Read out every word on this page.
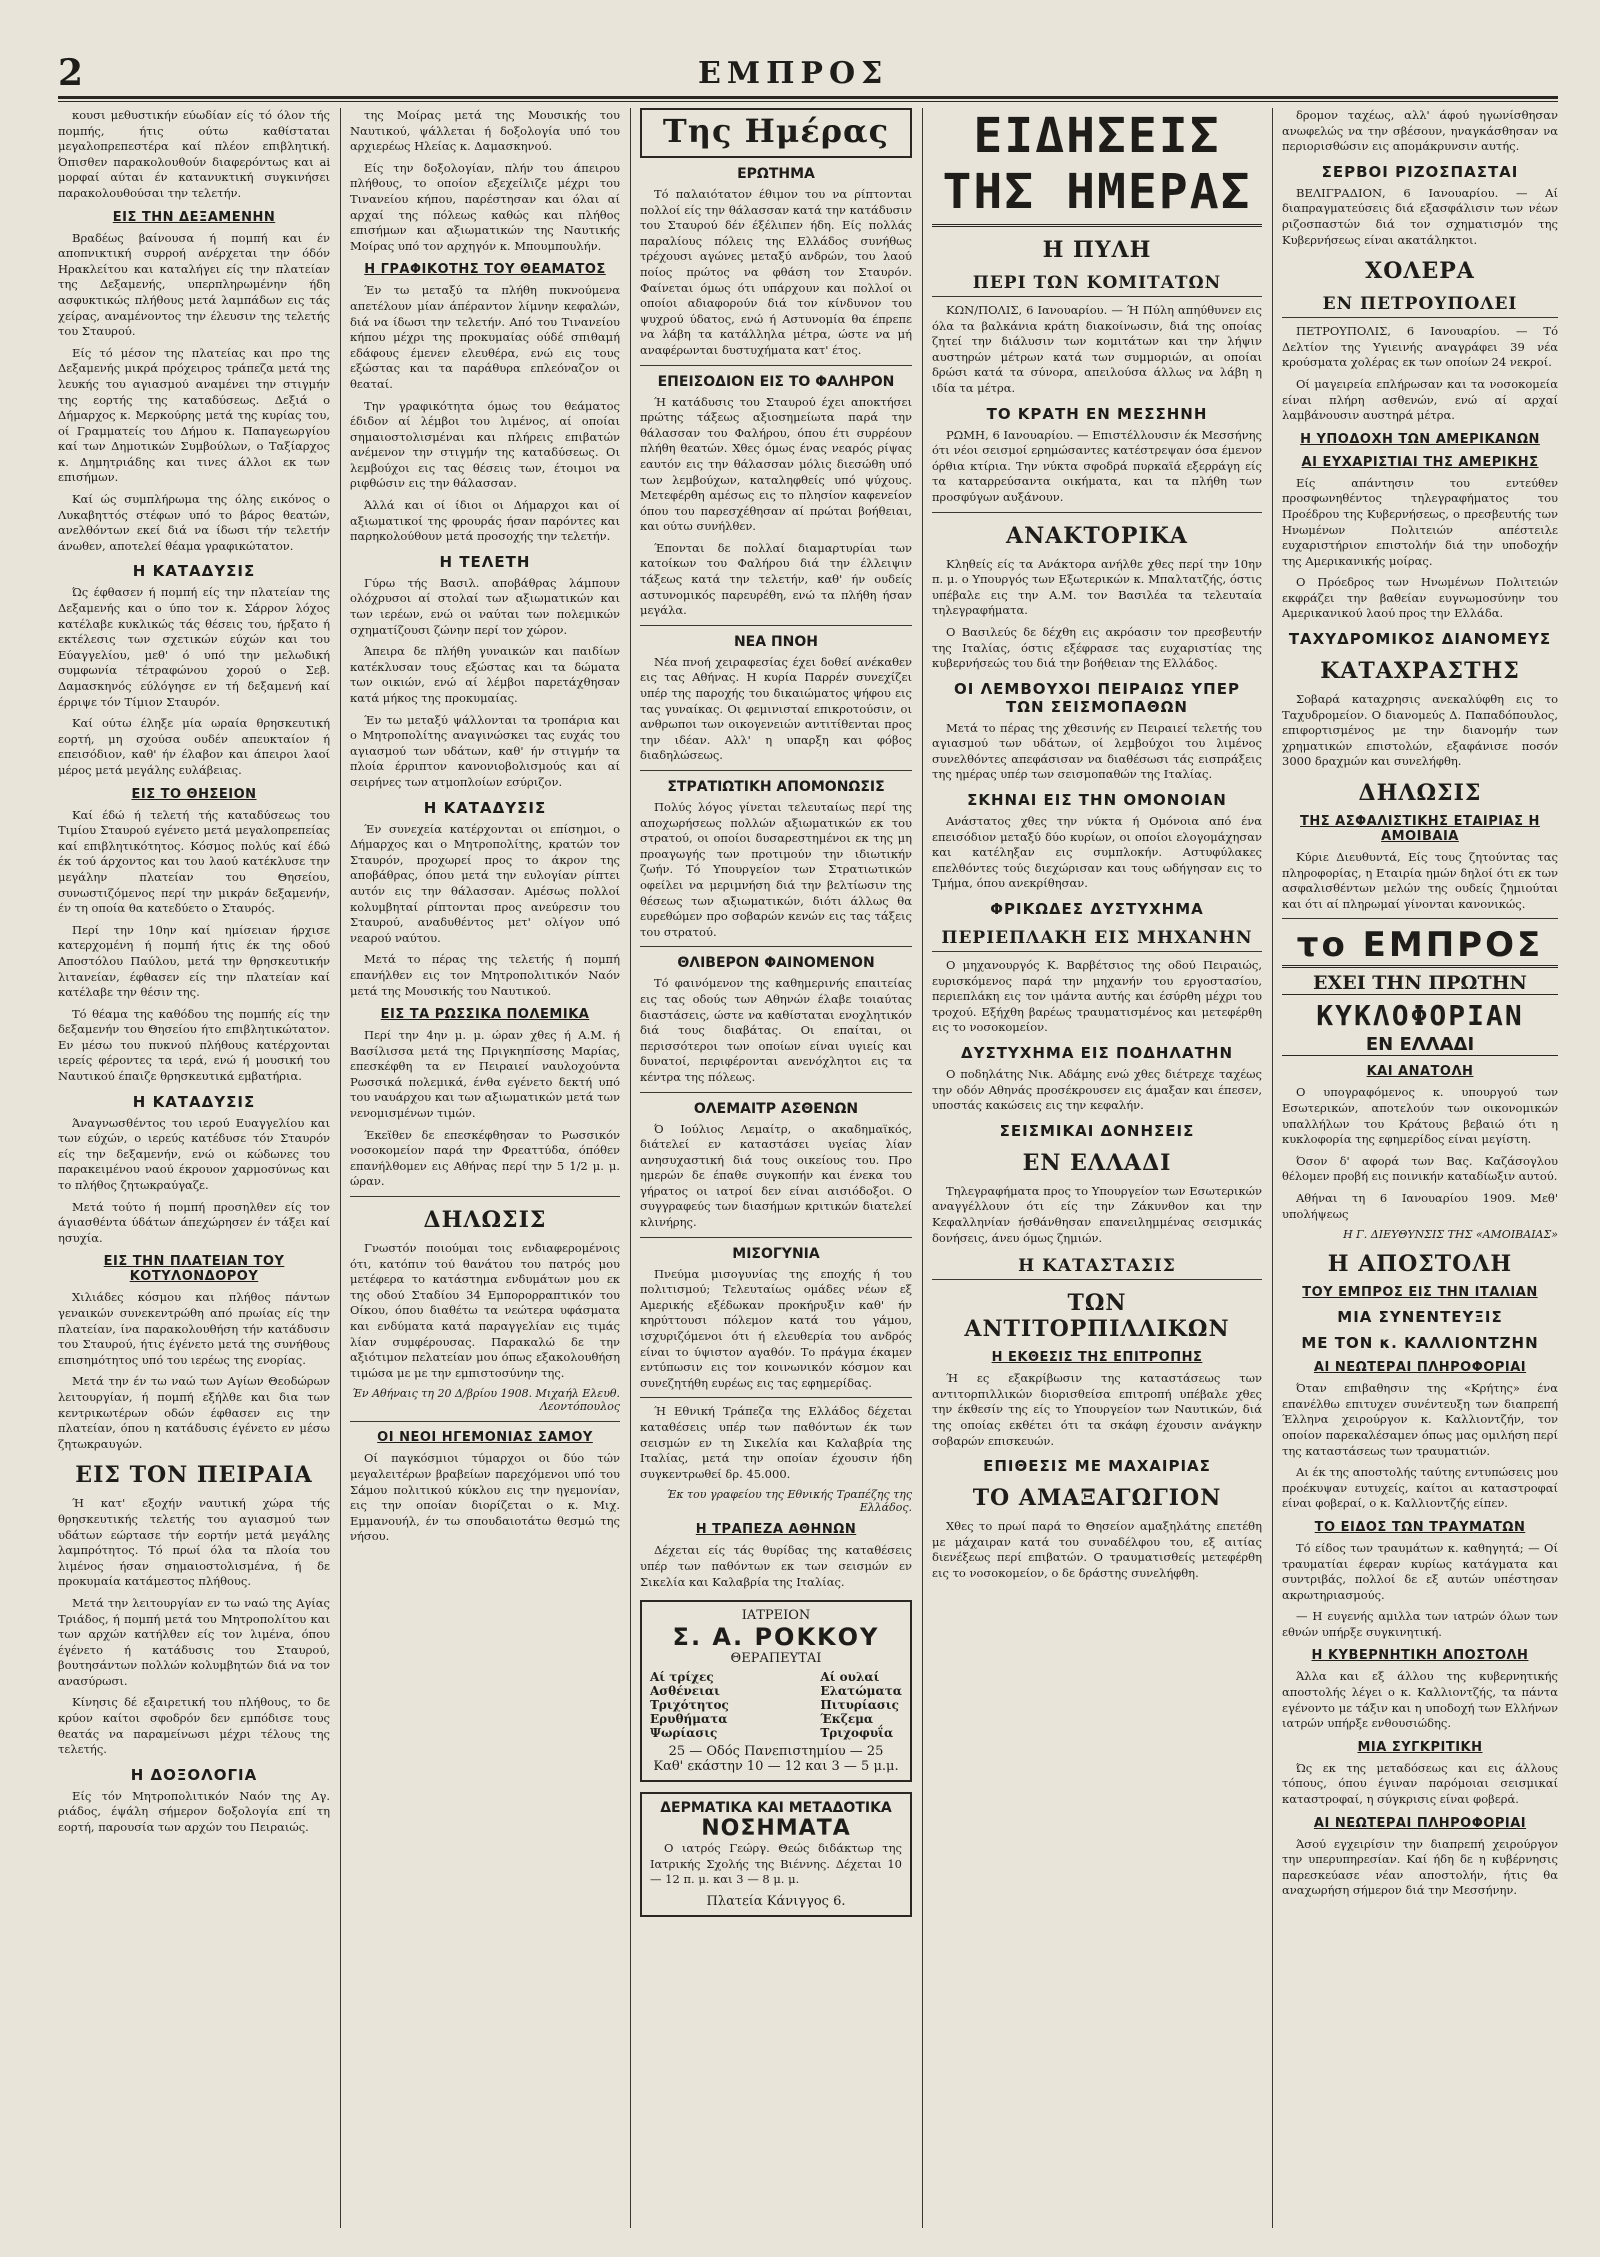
2	ΕΜΠΡΟΣ

κουσι μεθυστικήν εύωδίαν είς τό όλον τής πομπής, ήτις ούτω καθίσταται μεγαλοπρεπεστέρα καί πλέον επιβλητική. Όπισθεν παρακολουθούν διαφερόντως και ai μορφαί αύται έν κατανυκτική συγκινήσει παρακολουθούσαι την τελετήν.

ΕΙΣ ΤΗΝ ΔΕΞΑΜΕΝΗΝ

Βραδέως βαίνουσα ή πομπή και έν αποπνικτική συρροή ανέρχεται την όδόν Ηρακλείτου και καταλήγει είς την πλατείαν της Δεξαμενής, υπερπληρωμένην ήδη ασφυκτικώς πλήθους μετά λαμπάδων εις τάς χείρας, αναμένοντος την έλευσιν της τελετής του Σταυρού.

Είς τό μέσον της πλατείας και προ της Δεξαμενής μικρά πρόχειρος τράπεζα μετά της λευκής του αγιασμού αναμένει την στιγμήν της εορτής της καταδύσεως. Δεξιά ο Δήμαρχος κ. Μερκούρης μετά της κυρίας του, οί Γραμματείς του Δήμου κ. Παπαγεωργίου καί των Δημοτικών Συμβούλων, ο Ταξίαρχος κ. Δημητριάδης και τινες άλλοι εκ των επισήμων.

Καί ώς συμπλήρωμα της όλης εικόνος ο Λυκαβηττός στέφων υπό το βάρος θεατών, ανελθόντων εκεί διά να ίδωσι τήν τελετήν άνωθεν, αποτελεί θέαμα γραφικώτατον.

Η ΚΑΤΑΔΥΣΙΣ

Ώς έφθασεν ή πομπή είς την πλατείαν της Δεξαμενής και ο ύπο τον κ. Σάρρον λόχος κατέλαβε κυκλικώς τάς θέσεις του, ήρξατο ή εκτέλεσις των σχετικών εύχών και του Εύαγγελίου, μεθ' ό υπό την μελωδική συμφωνία τέτραφώνου χορού ο Σεβ. Δαμασκηνός εύλόγησε εν τή δεξαμενή καί έρριψε τόν Τίμιον Σταυρόν.

Καί ούτω έληξε μία ωραία θρησκευτική εορτή, μη σχούσα ουδέν απευκταίον ή επεισόδιον, καθ' ήν έλαβον και άπειροι λαοί μέρος μετά μεγάλης ευλάβειας.

ΕΙΣ ΤΟ ΘΗΣΕΙΟΝ

Καί έδώ ή τελετή τής καταδύσεως του Τιμίου Σταυρού εγένετο μετά μεγαλοπρεπείας καί επιβλητικότητος. Κόσμος πολύς καί έδώ έκ τού άρχοντος και του λαού κατέκλυσε την μεγάλην πλατείαν του Θησείου, συνωστιζόμενος περί την μικράν δεξαμενήν, έν τη οποία θα κατεδύετο ο Σταυρός.

Περί την 10ην καί ημίσειαν ήρχισε κατερχομένη ή πομπή ήτις έκ της οδού Αποστόλου Παύλου, μετά την θρησκευτικήν λιτανείαν, έφθασεν είς την πλατείαν καί κατέλαβε την θέσιν της.

Τό θέαμα της καθόδου της πομπής είς την δεξαμενήν του Θησείου ήτο επιβλητικώτατον. Εν μέσω του πυκνού πλήθους κατέρχονται ιερείς φέροντες τα ιερά, ενώ ή μουσική του Ναυτικού έπαιζε θρησκευτικά εμβατήρια.

Η ΚΑΤΑΔΥΣΙΣ

Άναγνωσθέντος του ιερού Ευαγγελίου και των εύχών, ο ιερεύς κατέδυσε τόν Σταυρόν είς την δεξαμενήν, ενώ οι κώδωνες του παρακειμένου ναού έκρουον χαρμοσύνως και το πλήθος ζητωκραύγαζε.

Μετά τούτο ή πομπή προσηλθεν είς τον άγιασθέντα ύδάτων άπεχώρησεν έν τάξει καί ησυχία.

ΕΙΣ ΤΗΝ ΠΛΑΤΕΙΑΝ ΤΟΥ ΚΟΤΥΛΟΝΔΟΡΟΥ

Χιλιάδες κόσμου και πλήθος πάντων γεναικών συνεκεντρώθη από πρωίας είς την πλατείαν, ίνα παρακολουθήση τήν κατάδυσιν του Σταυρού, ήτις έγένετο μετά της συνήθους επισημότητος υπό του ιερέως της ενορίας.

Μετά την έν τω ναώ των Αγίων Θεοδώρων λειτουργίαν, ή πομπή εξήλθε και δια των κεντρικωτέρων οδών έφθασεν εις την πλατείαν, όπου η κατάδυσις έγένετο εν μέσω ζητωκραυγών.

ΕΙΣ ΤΟΝ ΠΕΙΡΑΙΑ

Ή κατ' εξοχήν ναυτική χώρα τής θρησκευτικής τελετής του αγιασμού των υδάτων εώρτασε τήν εορτήν μετά μεγάλης λαμπρότητος. Τό πρωί όλα τα πλοία του λιμένος ήσαν σημαιοστολισμένα, ή δε προκυμαία κατάμεστος πλήθους.

Μετά την λειτουργίαν εν τω ναώ της Αγίας Τριάδος, ή πομπή μετά του Μητροπολίτου και των αρχών κατήλθεν είς τον λιμένα, όπου έγένετο ή κατάδυσις του Σταυρού, βουτησάντων πολλών κολυμβητών διά να τον ανασύρωσι.

Κίνησις δέ εξαιρετική του πλήθους, το δε κρύον καίτοι σφοδρόν δεν εμπόδισε τους θεατάς να παραμείνωσι μέχρι τέλους της τελετής.

Η ΔΟΞΟΛΟΓΙΑ

Είς τόν Μητροπολιτικόν Ναόν της Αγ. ριάδος, έψάλη σήμερον δοξολογία επί τη εορτή, παρουσία των αρχών του Πειραιώς.

της Μοίρας μετά της Μουσικής του Ναυτικού, ψάλλεται ή δοξολογία υπό του αρχιερέως Ηλείας κ. Δαμασκηνού.

Είς την δοξολογίαν, πλήν του άπειρου πλήθους, το οποίον εξεχείλιζε μέχρι του Τινανείου κήπου, παρέστησαν και όλαι αί αρχαί της πόλεως καθώς και πλήθος επισήμων και αξιωματικών της Ναυτικής Μοίρας υπό τον αρχηγόν κ. Μπουμπουλήν.

Η ΓΡΑΦΙΚΟΤΗΣ ΤΟΥ ΘΕΑΜΑΤΟΣ

Έν τω μεταξύ τα πλήθη πυκνούμενα απετέλουν μίαν άπέραντον λίμνην κεφαλών, διά να ίδωσι την τελετήν. Από του Τινανείου κήπου μέχρι της προκυμαίας ούδέ σπιθαμή εδάφους έμενεν ελευθέρα, ενώ εις τους εξώστας και τα παράθυρα επλεόναζον οι θεαταί.

Την γραφικότητα όμως του θεάματος έδιδον αί λέμβοι του λιμένος, αί οποίαι σημαιοστολισμέναι και πλήρεις επιβατών ανέμενον την στιγμήν της καταδύσεως. Οι λεμβούχοι εις τας θέσεις των, έτοιμοι να ριφθώσιν εις την θάλασσαν.

Άλλά και οί ίδιοι οι Δήμαρχοι και οί αξιωματικοί της φρουράς ήσαν παρόντες και παρηκολούθουν μετά προσοχής την τελετήν.

Η ΤΕΛΕΤΗ

Γύρω τής Βασιλ. αποβάθρας λάμπουν ολόχρυσοι αί στολαί των αξιωματικών και των ιερέων, ενώ οι ναύται των πολεμικών σχηματίζουσι ζώνην περί τον χώρον.

Άπειρα δε πλήθη γυναικών και παιδίων κατέκλυσαν τους εξώστας και τα δώματα των οικιών, ενώ αί λέμβοι παρετάχθησαν κατά μήκος της προκυμαίας.

Έν τω μεταξύ ψάλλονται τα τροπάρια και ο Μητροπολίτης αναγινώσκει τας ευχάς του αγιασμού των υδάτων, καθ' ήν στιγμήν τα πλοία έρριπτον κανονιοβολισμούς και αί σειρήνες των ατμοπλοίων εσύριζον.

Η ΚΑΤΑΔΥΣΙΣ

Έν συνεχεία κατέρχονται οι επίσημοι, ο Δήμαρχος και ο Μητροπολίτης, κρατών τον Σταυρόν, προχωρεί προς το άκρον της αποβάθρας, όπου μετά την ευλογίαν ρίπτει αυτόν εις την θάλασσαν. Αμέσως πολλοί κολυμβηταί ρίπτονται προς ανεύρεσιν του Σταυρού, αναδυθέντος μετ' ολίγον υπό νεαρού ναύτου.

Μετά το πέρας της τελετής ή πομπή επανήλθεν εις τον Μητροπολιτικόν Ναόν μετά της Μουσικής του Ναυτικού.

ΕΙΣ ΤΑ ΡΩΣΣΙΚΑ ΠΟΛΕΜΙΚΑ

Περί την 4ην μ. μ. ώραν χθες ή Α.Μ. ή Βασίλισσα μετά της Πριγκηπίσσης Μαρίας, επεσκέφθη τα εν Πειραιεί ναυλοχούντα Ρωσσικά πολεμικά, ένθα εγένετο δεκτή υπό του ναυάρχου και των αξιωματικών μετά των νενομισμένων τιμών.

Έκεϊθεν δε επεσκέφθησαν το Ρωσσικόν νοσοκομείον παρά την Φρεαττύδα, όπόθεν επανήλθομεν εις Αθήνας περί την 5 1/2 μ. μ. ώραν.

ΔΗΛΩΣΙΣ

Γνωστόν ποιούμαι τοις ενδιαφερομένοις ότι, κατόπιν τού θανάτου του πατρός μου μετέφερα το κατάστημα ενδυμάτων μου εκ της οδού Σταδίου 34 Εμπορορραπτικόν του Οίκου, όπου διαθέτω τα νεώτερα υφάσματα και ενδύματα κατά παραγγελίαν εις τιμάς λίαν συμφέρουσας. Παρακαλώ δε την αξιότιμον πελατείαν μου όπως εξακολουθήση τιμώσα με με την εμπιστοσύνην της.

Έν Αθήναις τη 20 Δ/βρίου 1908. Μιχαήλ Ελευθ. Λεοντόπουλος
ΟΙ ΝΕΟΙ ΗΓΕΜΟΝΙΑΣ ΣΑΜΟΥ

Οί παγκόσμιοι τύμαρχοι οι δύο τών μεγαλειτέρων βραβείων παρεχόμενοι υπό του Σάμου πολιτικού κύκλου εις την ηγεμονίαν, εις την οποίαν διορίζεται ο κ. Μιχ. Εμμανουήλ, έν τω σπουδαιοτάτω θεσμώ της νήσου.

Της Ημέρας
ΕΡΩΤΗΜΑ

Τό παλαιότατον έθιμον του να ρίπτονται πολλοί είς την θάλασσαν κατά την κατάδυσιν του Σταυρού δέν έξέλιπεν ήδη. Είς πολλάς παραλίους πόλεις της Ελλάδος συνήθως τρέχουσι αγώνες μεταξύ ανδρών, του λαού ποίος πρώτος να φθάση τον Σταυρόν. Φαίνεται όμως ότι υπάρχουν και πολλοί οι οποίοι αδιαφορούν διά τον κίνδυνον του ψυχρού ύδατος, ενώ ή Αστυνομία θα έπρεπε να λάβη τα κατάλληλα μέτρα, ώστε να μή αναφέρωνται δυστυχήματα κατ' έτος.

ΕΠΕΙΣΟΔΙΟΝ ΕΙΣ ΤΟ ΦΑΛΗΡΟΝ

Ή κατάδυσις του Σταυρού έχει αποκτήσει πρώτης τάξεως αξιοσημείωτα παρά την θάλασσαν του Φαλήρου, όπου έτι συρρέουν πλήθη θεατών. Χθες όμως ένας νεαρός ρίψας εαυτόν εις την θάλασσαν μόλις διεσώθη υπό των λεμβούχων, καταληφθείς υπό ψύχους. Μετεφέρθη αμέσως εις το πλησίον καφενείον όπου του παρεσχέθησαν αί πρώται βοήθειαι, και ούτω συνήλθεν.

Έπονται δε πολλαί διαμαρτυρίαι των κατοίκων του Φαλήρου διά την έλλειψιν τάξεως κατά την τελετήν, καθ' ήν ουδείς αστυνομικός παρευρέθη, ενώ τα πλήθη ήσαν μεγάλα.

ΝΕΑ ΠΝΟΗ

Νέα πνοή χειραφεσίας έχει δοθεί ανέκαθεν εις τας Αθήνας. Η κυρία Παρρέν συνεχίζει υπέρ της παροχής του δικαιώματος ψήφου εις τας γυναίκας. Οι φεμινισταί επικροτούσιν, οι ανθρωποι των οικογενειών αντιτίθενται προς την ιδέαν. Αλλ' η υπαρξη και φόβος διαδηλώσεως.

ΣΤΡΑΤΙΩΤΙΚΗ ΑΠΟΜΟΝΩΣΙΣ

Πολύς λόγος γίνεται τελευταίως περί της αποχωρήσεως πολλών αξιωματικών εκ του στρατού, οι οποίοι δυσαρεστημένοι εκ της μη προαγωγής των προτιμούν την ιδιωτικήν ζωήν. Τό Υπουργείον των Στρατιωτικών οφείλει να μεριμνήση διά την βελτίωσιν της θέσεως των αξιωματικών, διότι άλλως θα ευρεθώμεν προ σοβαρών κενών εις τας τάξεις του στρατού.

ΘΛΙΒΕΡΟΝ ΦΑΙΝΟΜΕΝΟΝ

Τό φαινόμενον της καθημερινής επαιτείας εις τας οδούς των Αθηνών έλαβε τοιαύτας διαστάσεις, ώστε να καθίσταται ενοχλητικόν διά τους διαβάτας. Οι επαίται, οι περισσότεροι των οποίων είναι υγιείς και δυνατοί, περιφέρονται ανενόχλητοι εις τα κέντρα της πόλεως.

ΟΛΕΜΑΙΤΡ ΑΣΘΕΝΩΝ

Ό Ιούλιος Λεμαίτρ, ο ακαδημαϊκός, διάτελεί εν καταστάσει υγείας λίαν ανησυχαστική διά τους οικείους του. Προ ημερών δε έπαθε συγκοπήν και ένεκα του γήρατος οι ιατροί δεν είναι αισιόδοξοι. Ο συγγραφεύς των διασήμων κριτικών διατελεί κλινήρης.

ΜΙΣΟΓΥΝΙΑ

Πνεύμα μισογυνίας της εποχής ή του πολιτισμού; Τελευταίως ομάδες νέων εξ Αμερικής εξέδωκαν προκήρυξιν καθ' ήν κηρύττουσι πόλεμον κατά του γάμου, ισχυριζόμενοι ότι ή ελευθερία του ανδρός είναι το ύψιστον αγαθόν. Το πράγμα έκαμεν εντύπωσιν εις τον κοινωνικόν κόσμον και συνεζητήθη ευρέως εις τας εφημερίδας.

Ή Εθνική Τράπεζα της Ελλάδος δέχεται καταθέσεις υπέρ των παθόντων έκ των σεισμών εν τη Σικελία και Καλαβρία της Ιταλίας, μετά την οποίαν έχουσιν ήδη συγκεντρωθεί δρ. 45.000.

Έκ του γραφείου της Εθνικής Τραπέζης της Ελλάδος.
Η ΤΡΑΠΕΖΑ ΑΘΗΝΩΝ

Δέχεται είς τάς θυρίδας της καταθέσεις υπέρ των παθόντων εκ των σεισμών εν Σικελία και Καλαβρία της Ιταλίας.

ΙΑΤΡΕΙΟΝ
Σ. Α. ΡΟΚΚΟΥ
ΘΕΡΑΠΕΥΤΑΙ
Αί τρίχες
Ασθένειαι
Τριχότητος
Ερυθήματα
Ψωρίασις
Αί ουλαί
Ελατώματα
Πιτυρίασις
Έκζεμα
Τριχοφυΐα
25 — Οδός Πανεπιστημίου — 25
Καθ' εκάστην 10 — 12 και 3 — 5 μ.μ.
ΔΕΡΜΑΤΙΚΑ ΚΑΙ ΜΕΤΑΔΟΤΙΚΑ
ΝΟΣΗΜΑΤΑ

Ο ιατρός Γεώργ. Θεώς διδάκτωρ της Ιατρικής Σχολής της Βιέννης. Δέχεται 10 — 12 π. μ. και 3 — 8 μ. μ.

Πλατεία Κάνιγγος 6.
ΕΙΔΗΣΕΙΣ ΤΗΣ ΗΜΕΡΑΣ
Η ΠΥΛΗ
ΠΕΡΙ ΤΩΝ ΚΟΜΙΤΑΤΩΝ

ΚΩΝ/ΠΟΛΙΣ, 6 Ιανουαρίου. — Ή Πύλη απηύθυνεν εις όλα τα βαλκάνια κράτη διακοίνωσιν, διά της οποίας ζητεί την διάλυσιν των κομιτάτων και την λήψιν αυστηρών μέτρων κατά των συμμοριών, αι οποίαι δρώσι κατά τα σύνορα, απειλούσα άλλως να λάβη η ιδία τα μέτρα.

ΤΟ ΚΡΑΤΗ ΕΝ ΜΕΣΣΗΝΗ

ΡΩΜΗ, 6 Ιανουαρίου. — Επιστέλλουσιν έκ Μεσσήνης ότι νέοι σεισμοί ερημώσαντες κατέστρεψαν όσα έμενον όρθια κτίρια. Την νύκτα σφοδρά πυρκαϊά εξερράγη είς τα καταρρεύσαντα οικήματα, και τα πλήθη των προσφύγων αυξάνουν.

ΑΝΑΚΤΟΡΙΚΑ

Κληθείς είς τα Ανάκτορα ανήλθε χθες περί την 10ην π. μ. ο Υπουργός των Εξωτερικών κ. Μπαλτατζής, όστις υπέβαλε εις την Α.Μ. τον Βασιλέα τα τελευταία τηλεγραφήματα.

Ο Βασιλεύς δε δέχθη εις ακρόασιν τον πρεσβευτήν της Ιταλίας, όστις εξέφρασε τας ευχαριστίας της κυβερνήσεώς του διά την βοήθειαν της Ελλάδος.

ΟΙ ΛΕΜΒΟΥΧΟΙ ΠΕΙΡΑΙΩΣ ΥΠΕΡ ΤΩΝ ΣΕΙΣΜΟΠΑΘΩΝ

Μετά το πέρας της χθεσινής εν Πειραιεί τελετής του αγιασμού των υδάτων, οί λεμβούχοι του λιμένος συνελθόντες απεφάσισαν να διαθέσωσι τάς εισπράξεις της ημέρας υπέρ των σεισμοπαθών της Ιταλίας.

ΣΚΗΝΑΙ ΕΙΣ ΤΗΝ ΟΜΟΝΟΙΑΝ

Ανάστατος χθες την νύκτα ή Ομόνοια από ένα επεισόδιον μεταξύ δύο κυρίων, οι οποίοι ελογομάχησαν και κατέληξαν εις συμπλοκήν. Αστυφύλακες επελθόντες τούς διεχώρισαν και τους ωδήγησαν εις το Τμήμα, όπου ανεκρίθησαν.

ΦΡΙΚΩΔΕΣ ΔΥΣΤΥΧΗΜΑ
ΠΕΡΙΕΠΛΑΚΗ ΕΙΣ ΜΗΧΑΝΗΝ

Ο μηχανουργός Κ. Βαρβέτσιος της οδού Πειραιώς, ευρισκόμενος παρά την μηχανήν του εργοστασίου, περιεπλάκη εις τον ιμάντα αυτής και έσύρθη μέχρι του τροχού. Εξήχθη βαρέως τραυματισμένος και μετεφέρθη εις το νοσοκομείον.

ΔΥΣΤΥΧΗΜΑ ΕΙΣ ΠΟΔΗΛΑΤΗΝ

Ο ποδηλάτης Νικ. Αδάμης ενώ χθες διέτρεχε ταχέως την οδόν Αθηνάς προσέκρουσεν εις άμαξαν και έπεσεν, υποστάς κακώσεις εις την κεφαλήν.

ΣΕΙΣΜΙΚΑΙ ΔΟΝΗΣΕΙΣ
ΕΝ ΕΛΛΑΔΙ

Τηλεγραφήματα προς το Υπουργείον των Εσωτερικών αναγγέλλουν ότι είς την Ζάκυνθον και την Κεφαλληνίαν ήσθάνθησαν επανειλημμένας σεισμικάς δονήσεις, άνευ όμως ζημιών.

Η ΚΑΤΑΣΤΑΣΙΣ
ΤΩΝ ΑΝΤΙΤΟΡΠΙΛΛΙΚΩΝ
Η ΕΚΘΕΣΙΣ ΤΗΣ ΕΠΙΤΡΟΠΗΣ

Ή ες εξακρίβωσιν της καταστάσεως των αντιτορπιλλικών διορισθείσα επιτροπή υπέβαλε χθες την έκθεσίν της είς το Υπουργείον των Ναυτικών, διά της οποίας εκθέτει ότι τα σκάφη έχουσιν ανάγκην σοβαρών επισκευών.

ΕΠΙΘΕΣΙΣ ΜΕ ΜΑΧΑΙΡΙΑΣ
ΤΟ ΑΜΑΞΑΓΩΓΙΟΝ

Χθες το πρωί παρά το Θησείον αμαξηλάτης επετέθη με μάχαιραν κατά του συναδέλφου του, εξ αιτίας διενέξεως περί επιβατών. Ο τραυματισθείς μετεφέρθη εις το νοσοκομείον, ο δε δράστης συνελήφθη.

δρομον ταχέως, αλλ' άφού ηγωνίσθησαν ανωφελώς να την σβέσουν, ηναγκάσθησαν να περιορισθώσιν εις απομάκρυνσιν αυτής.

ΣΕΡΒΟΙ ΡΙΖΟΣΠΑΣΤΑΙ

ΒΕΛΙΓΡΑΔΙΟΝ, 6 Ιανουαρίου. — Αί διαπραγματεύσεις διά εξασφάλισιν των νέων ριζοσπαστών διά τον σχηματισμόν της Κυβερνήσεως είναι ακατάληκτοι.

ΧΟΛΕΡΑ
ΕΝ ΠΕΤΡΟΥΠΟΛΕΙ

ΠΕΤΡΟΥΠΟΛΙΣ, 6 Ιανουαρίου. — Τό Δελτίον της Υγιεινής αναγράφει 39 νέα κρούσματα χολέρας εκ των οποίων 24 νεκροί.

Οί μαγειρεία επλήρωσαν και τα νοσοκομεία είναι πλήρη ασθενών, ενώ αί αρχαί λαμβάνουσιν αυστηρά μέτρα.

Η ΥΠΟΔΟΧΗ ΤΩΝ ΑΜΕΡΙΚΑΝΩΝ
ΑΙ ΕΥΧΑΡΙΣΤΙΑΙ ΤΗΣ ΑΜΕΡΙΚΗΣ

Είς απάντησιν του εντεύθεν προσφωνηθέντος τηλεγραφήματος του Προέδρου της Κυβερνήσεως, ο πρεσβευτής των Ηνωμένων Πολιτειών απέστειλε ευχαριστήριον επιστολήν διά την υποδοχήν της Αμερικανικής μοίρας.

Ο Πρόεδρος των Ηνωμένων Πολιτειών εκφράζει την βαθείαν ευγνωμοσύνην του Αμερικανικού λαού προς την Ελλάδα.

ΤΑΧΥΔΡΟΜΙΚΟΣ ΔΙΑΝΟΜΕΥΣ
ΚΑΤΑΧΡΑΣΤΗΣ

Σοβαρά καταχρησις ανεκαλύφθη εις το Ταχυδρομείον. Ο διανομεύς Δ. Παπαδόπουλος, επιφορτισμένος με την διανομήν των χρηματικών επιστολών, εξαφάνισε ποσόν 3000 δραχμών και συνελήφθη.

ΔΗΛΩΣΙΣ
ΤΗΣ ΑΣΦΑΛΙΣΤΙΚΗΣ ΕΤΑΙΡΙΑΣ Η ΑΜΟΙΒΑΙΑ

Κύριε Διευθυντά, Είς τους ζητούντας τας πληροφορίας, η Εταιρία ημών δηλοί ότι εκ των ασφαλισθέντων μελών της ουδείς ζημιούται και ότι αί πληρωμαί γίνονται κανονικώς.

το ΕΜΠΡΟΣ
ΕΧΕΙ ΤΗΝ ΠΡΩΤΗΝ
ΚΥΚΛΟΦΟΡΙΑΝ
ΕΝ ΕΛΛΑΔΙ
ΚΑΙ ΑΝΑΤΟΛΗ

Ο υπογραφόμενος κ. υπουργού των Εσωτερικών, αποτελούν των οικονομικών υπαλλήλων του Κράτους βεβαιώ ότι η κυκλοφορία της εφημερίδος είναι μεγίστη.

Όσον δ' αφορά των Βας. Καζάσογλου θέλομεν προβή εις ποινικήν καταδίωξιν αυτού.

Αθήναι τη 6 Ιανουαρίου 1909. Μεθ' υπολήψεως

Η Γ. ΔΙΕΥΘΥΝΣΙΣ ΤΗΣ «ΑΜΟΙΒΑΙΑΣ»
Η ΑΠΟΣΤΟΛΗ
ΤΟΥ ΕΜΠΡΟΣ ΕΙΣ ΤΗΝ ΙΤΑΛΙΑΝ
ΜΙΑ ΣΥΝΕΝΤΕΥΞΙΣ
ΜΕ ΤΟΝ κ. ΚΑΛΛΙΟΝΤΖΗΝ
ΑΙ ΝΕΩΤΕΡΑΙ ΠΛΗΡΟΦΟΡΙΑΙ

Όταν επιβαθησιν της «Κρήτης» ένα επανέλθω επιτυχεν συνέντευξη των διαπρεπή Έλληνα χειρούργον κ. Καλλιοντζήν, τον οποίον παρεκαλέσαμεν όπως μας ομιλήση περί της καταστάσεως των τραυματιών.

Αι έκ της αποστολής ταύτης εντυπώσεις μου προέκυψαν ευτυχείς, καίτοι αι καταστροφαί είναι φοβεραί, ο κ. Καλλιοντζής είπεν.

ΤΟ ΕΙΔΟΣ ΤΩΝ ΤΡΑΥΜΑΤΩΝ

Τό είδος των τραυμάτων κ. καθηγητά; — Οί τραυματίαι έφεραν κυρίως κατάγματα και συντριβάς, πολλοί δε εξ αυτών υπέστησαν ακρωτηριασμούς.

— Η ευγενής αμιλλα των ιατρών όλων των εθνών υπήρξε συγκινητική.

Η ΚΥΒΕΡΝΗΤΙΚΗ ΑΠΟΣΤΟΛΗ

Άλλα και εξ άλλου της κυβερνητικής αποστολής λέγει ο κ. Καλλιοντζής, τα πάντα εγένοντο με τάξιν και η υποδοχή των Ελλήνων ιατρών υπήρξε ενθουσιώδης.

ΜΙΑ ΣΥΓΚΡΙΤΙΚΗ

Ώς εκ της μεταδόσεως και εις άλλους τόπους, όπου έγιναν παρόμοιαι σεισμικαί καταστροφαί, η σύγκρισις είναι φοβερά.

ΑΙ ΝΕΩΤΕΡΑΙ ΠΛΗΡΟΦΟΡΙΑΙ

Άσού εγχειρίσιν την διαπρεπή χειρούργον την υπερυπηρεσίαν. Καί ήδη δε η κυβέρνησις παρεσκεύασε νέαν αποστολήν, ήτις θα αναχωρήση σήμερον διά την Μεσσήνην.
